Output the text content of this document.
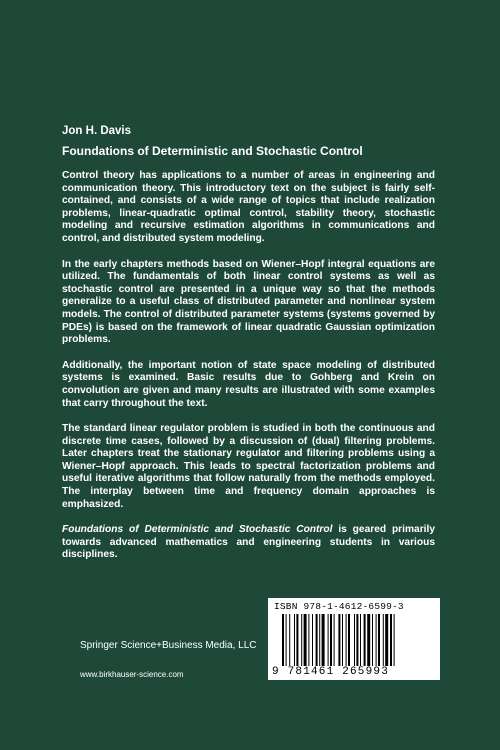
Jon H. Davis
Foundations of Deterministic and Stochastic Control

Control theory has applications to a number of areas in engineering and communication theory. This introductory text on the subject is fairly self-contained, and consists of a wide range of topics that include realization problems, linear-quadratic optimal control, stability theory, stochastic modeling and recursive estimation algorithms in communications and control, and distributed system modeling.

In the early chapters methods based on Wiener–Hopf integral equations are utilized. The fundamentals of both linear control systems as well as stochastic control are presented in a unique way so that the methods generalize to a useful class of distributed parameter and nonlinear system models. The control of distributed parameter systems (systems governed by PDEs) is based on the framework of linear quadratic Gaussian optimization problems.

Additionally, the important notion of state space modeling of distributed systems is examined. Basic results due to Gohberg and Krein on convolution are given and many results are illustrated with some examples that carry throughout the text.

The standard linear regulator problem is studied in both the continuous and discrete time cases, followed by a discussion of (dual) filtering problems. Later chapters treat the stationary regulator and filtering problems using a Wiener–Hopf approach. This leads to spectral factorization problems and useful iterative algorithms that follow naturally from the methods employed. The interplay between time and frequency domain approaches is emphasized.

Foundations of Deterministic and Stochastic Control is geared primarily towards advanced mathematics and engineering students in various disciplines.

ISBN 978-1-4612-6599-3
9 781461 265993
Springer Science+Business Media, LLC
www.birkhauser-science.com
